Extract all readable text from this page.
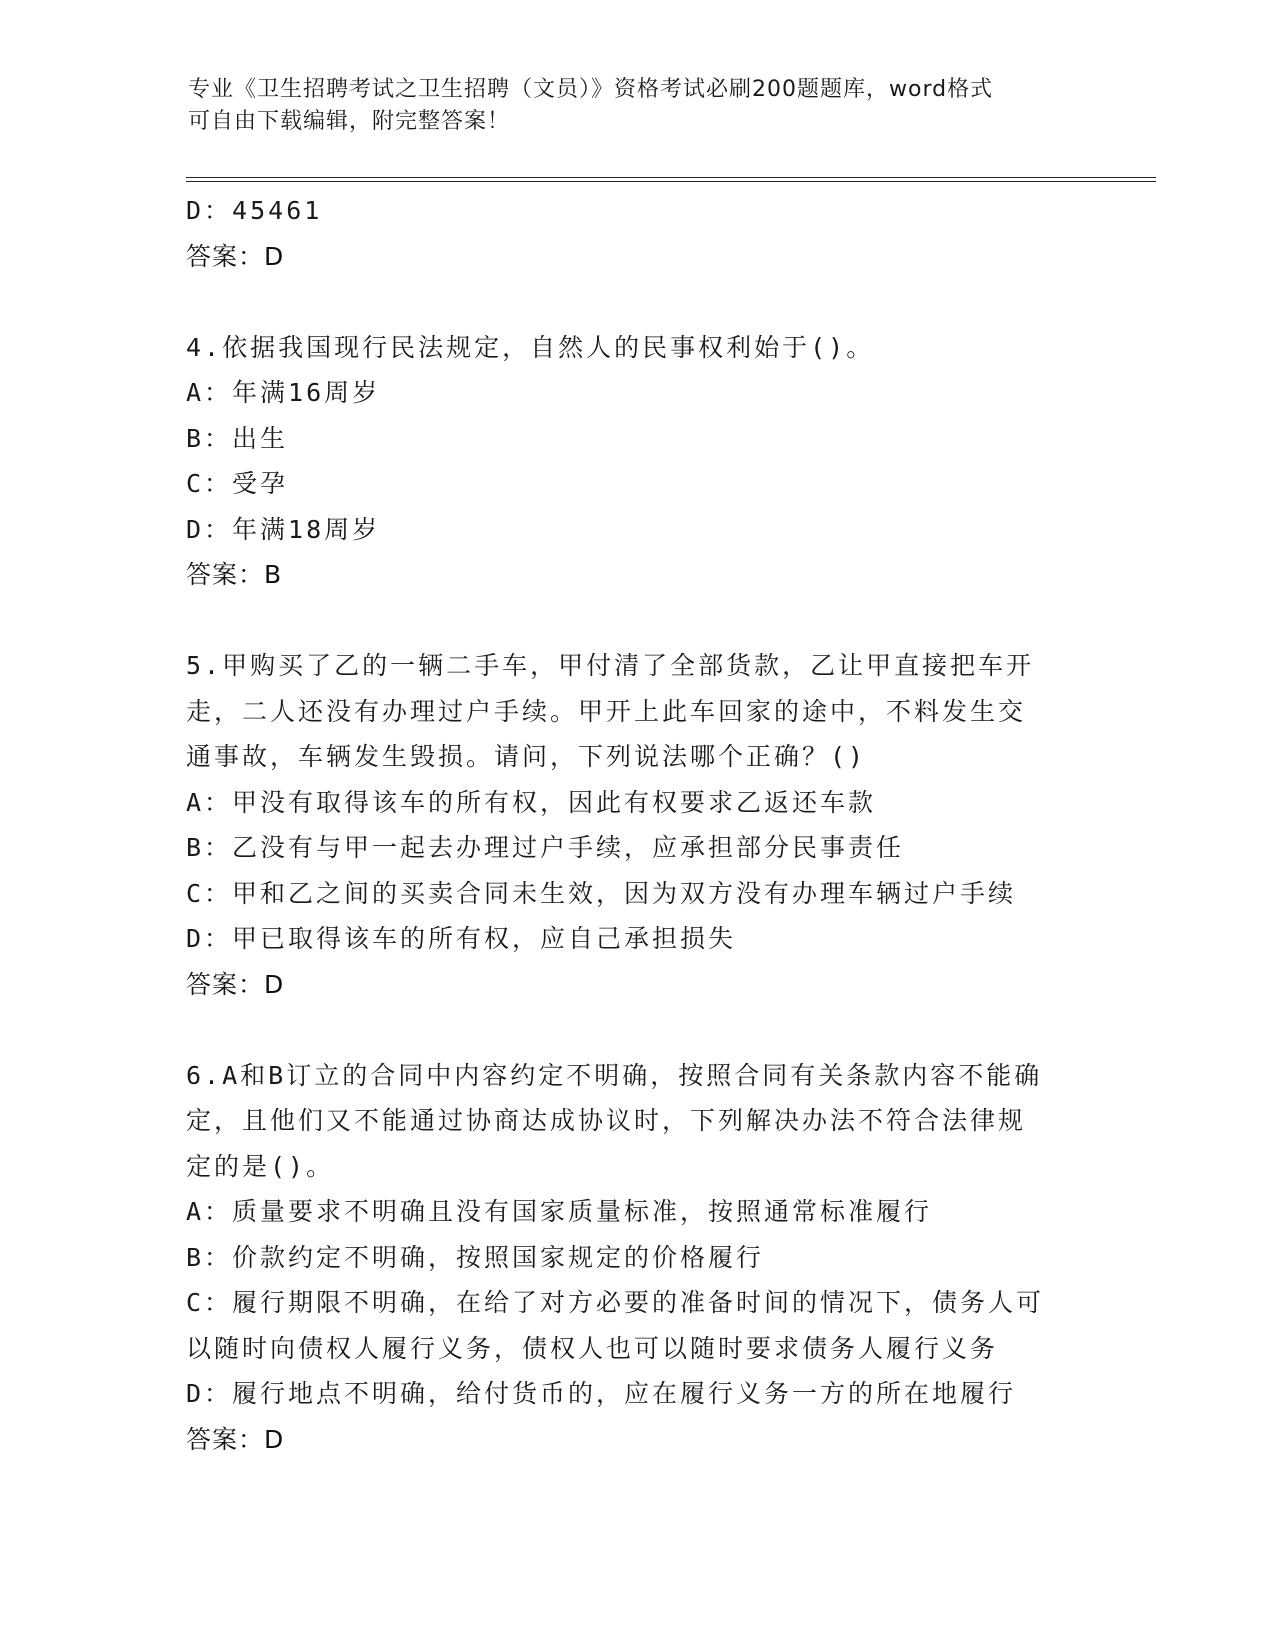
专业《卫生招聘考试之卫生招聘（文员）》资格考试必刷200题题库，word格式
可自由下载编辑，附完整答案！
D：45461
答案：D
4.依据我国现行民法规定，自然人的民事权利始于()。
A：年满16周岁
B：出生
C：受孕
D：年满18周岁
答案：B
5.甲购买了乙的一辆二手车，甲付清了全部货款，乙让甲直接把车开
走，二人还没有办理过户手续。甲开上此车回家的途中，不料发生交
通事故，车辆发生毁损。请问，下列说法哪个正确？()
A：甲没有取得该车的所有权，因此有权要求乙返还车款
B：乙没有与甲一起去办理过户手续，应承担部分民事责任
C：甲和乙之间的买卖合同未生效，因为双方没有办理车辆过户手续
D：甲已取得该车的所有权，应自己承担损失
答案：D
6.A和B订立的合同中内容约定不明确，按照合同有关条款内容不能确
定，且他们又不能通过协商达成协议时，下列解决办法不符合法律规
定的是()。
A：质量要求不明确且没有国家质量标准，按照通常标准履行
B：价款约定不明确，按照国家规定的价格履行
C：履行期限不明确，在给了对方必要的准备时间的情况下，债务人可
以随时向债权人履行义务，债权人也可以随时要求债务人履行义务
D：履行地点不明确，给付货币的，应在履行义务一方的所在地履行
答案：D
